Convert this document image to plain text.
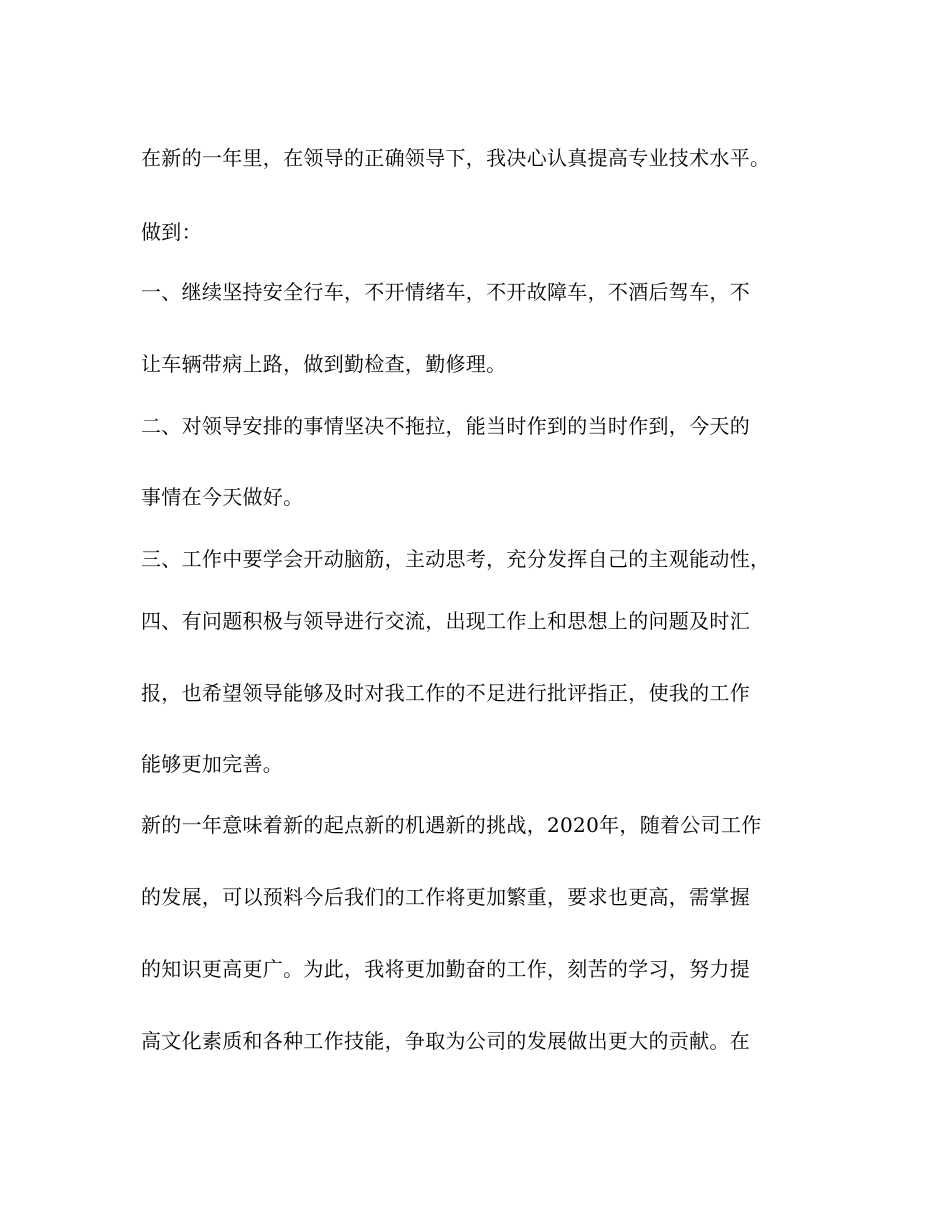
在新的一年里，在领导的正确领导下，我决心认真提高专业技术水平。
做到：
一、继续坚持安全行车，不开情绪车，不开故障车，不酒后驾车，不
让车辆带病上路，做到勤检查，勤修理。
二、对领导安排的事情坚决不拖拉，能当时作到的当时作到，今天的
事情在今天做好。
三、工作中要学会开动脑筋，主动思考，充分发挥自己的主观能动性，
四、有问题积极与领导进行交流，出现工作上和思想上的问题及时汇
报，也希望领导能够及时对我工作的不足进行批评指正，使我的工作
能够更加完善。
新的一年意味着新的起点新的机遇新的挑战，2020年，随着公司工作
的发展，可以预料今后我们的工作将更加繁重，要求也更高，需掌握
的知识更高更广。为此，我将更加勤奋的工作，刻苦的学习，努力提
高文化素质和各种工作技能，争取为公司的发展做出更大的贡献。在
